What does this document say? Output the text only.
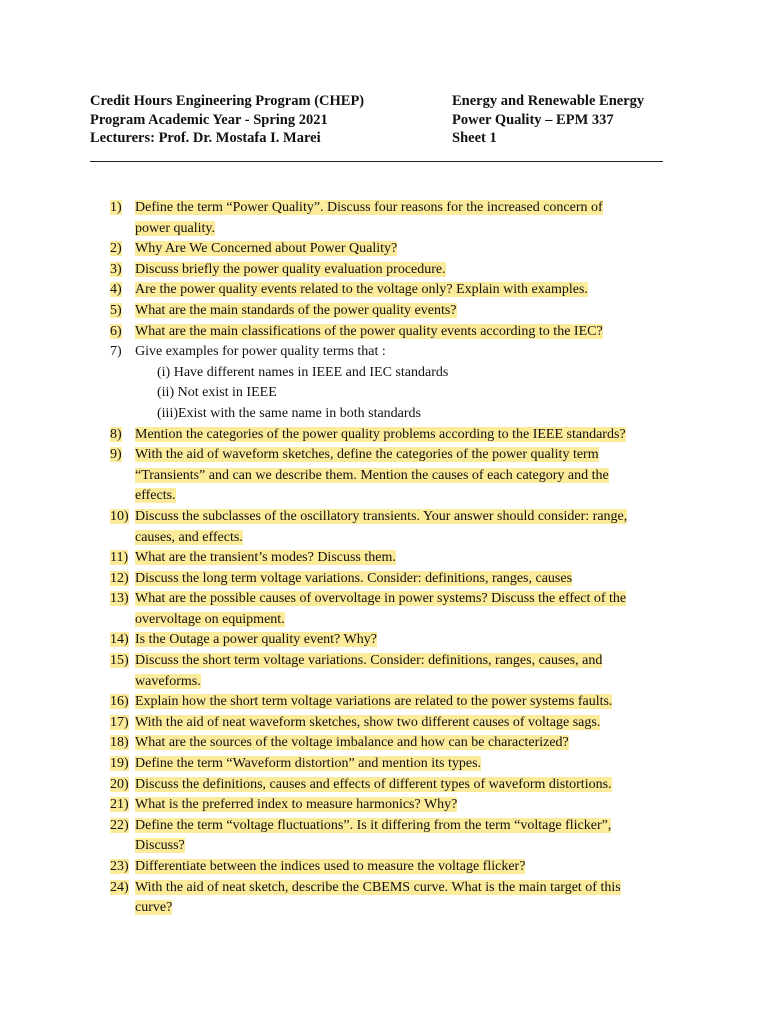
Credit Hours Engineering Program (CHEP)	Energy and Renewable Energy
Program Academic Year - Spring 2021	Power Quality – EPM 337
Lecturers: Prof. Dr. Mostafa I. Marei	Sheet 1
1) Define the term “Power Quality”. Discuss four reasons for the increased concern of
power quality.
2) Why Are We Concerned about Power Quality?
3) Discuss briefly the power quality evaluation procedure.
4) Are the power quality events related to the voltage only? Explain with examples.
5) What are the main standards of the power quality events?
6) What are the main classifications of the power quality events according to the IEC?
7) Give examples for power quality terms that :
(i) Have different names in IEEE and IEC standards
(ii) Not exist in IEEE
(iii)Exist with the same name in both standards
8) Mention the categories of the power quality problems according to the IEEE standards?
9) With the aid of waveform sketches, define the categories of the power quality term
“Transients” and can we describe them. Mention the causes of each category and the
effects.
10) Discuss the subclasses of the oscillatory transients. Your answer should consider: range,
causes, and effects.
11) What are the transient’s modes? Discuss them.
12) Discuss the long term voltage variations. Consider: definitions, ranges, causes
13) What are the possible causes of overvoltage in power systems? Discuss the effect of the
overvoltage on equipment.
14) Is the Outage a power quality event? Why?
15) Discuss the short term voltage variations. Consider: definitions, ranges, causes, and
waveforms.
16) Explain how the short term voltage variations are related to the power systems faults.
17) With the aid of neat waveform sketches, show two different causes of voltage sags.
18) What are the sources of the voltage imbalance and how can be characterized?
19) Define the term “Waveform distortion” and mention its types.
20) Discuss the definitions, causes and effects of different types of waveform distortions.
21) What is the preferred index to measure harmonics? Why?
22) Define the term “voltage fluctuations”. Is it differing from the term “voltage flicker”,
Discuss?
23) Differentiate between the indices used to measure the voltage flicker?
24) With the aid of neat sketch, describe the CBEMS curve. What is the main target of this
curve?
